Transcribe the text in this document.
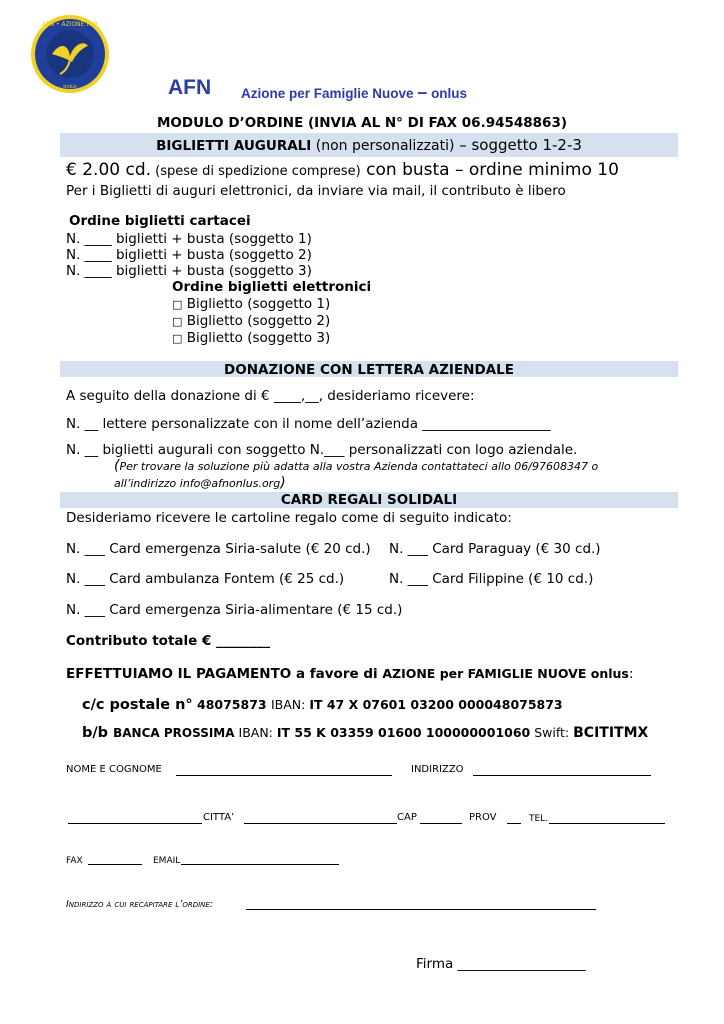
AFN • AZIONE PER
onlus	AFN Azione per Famiglie Nuove – onlus
MODULO D’ORDINE (INVIA AL N° DI FAX 06.94548863)
BIGLIETTI AUGURALI (non personalizzati) – soggetto 1-2-3
€ 2.00 cd. (spese di spedizione comprese) con busta – ordine minimo 10
Per i Biglietti di auguri elettronici, da inviare via mail, il contributo è libero
Ordine biglietti cartacei
N. ____ biglietti + busta (soggetto 1)
N. ____ biglietti + busta (soggetto 2)
N. ____ biglietti + busta (soggetto 3)
Ordine biglietti elettronici
□ Biglietto (soggetto 1)
□ Biglietto (soggetto 2)
□ Biglietto (soggetto 3)
DONAZIONE CON LETTERA AZIENDALE
A seguito della donazione di € ____,__, desideriamo ricevere:
N. __ lettere personalizzate con il nome dell’azienda ___________________
N. __ biglietti augurali con soggetto N.___ personalizzati con logo aziendale.
(Per trovare la soluzione più adatta alla vostra Azienda contattateci allo 06/97608347 o
all’indirizzo info@afnonlus.org)
CARD REGALI SOLIDALI
Desideriamo ricevere le cartoline regalo come di seguito indicato:
N. ___ Card emergenza Siria-salute (€ 20 cd.) N. ___ Card Paraguay (€ 30 cd.)
N. ___ Card ambulanza Fontem (€ 25 cd.)	N. ___ Card Filippine (€ 10 cd.)
N. ___ Card emergenza Siria-alimentare (€ 15 cd.)
Contributo totale € ________
EFFETTUIAMO IL PAGAMENTO a favore di AZIONE per FAMIGLIE NUOVE onlus:
c/c postale n° 48075873 IBAN: IT 47 X 07601 03200 000048075873
b/b BANCA PROSSIMA IBAN: IT 55 K 03359 01600 100000001060 Swift: BCITITMX
NOME E COGNOME	INDIRIZZO
CITTA’	CAP	PROV	TEL.
FAX	EMAIL
Indirizzo a cui recapitare l’ordine:
Firma ___________________
